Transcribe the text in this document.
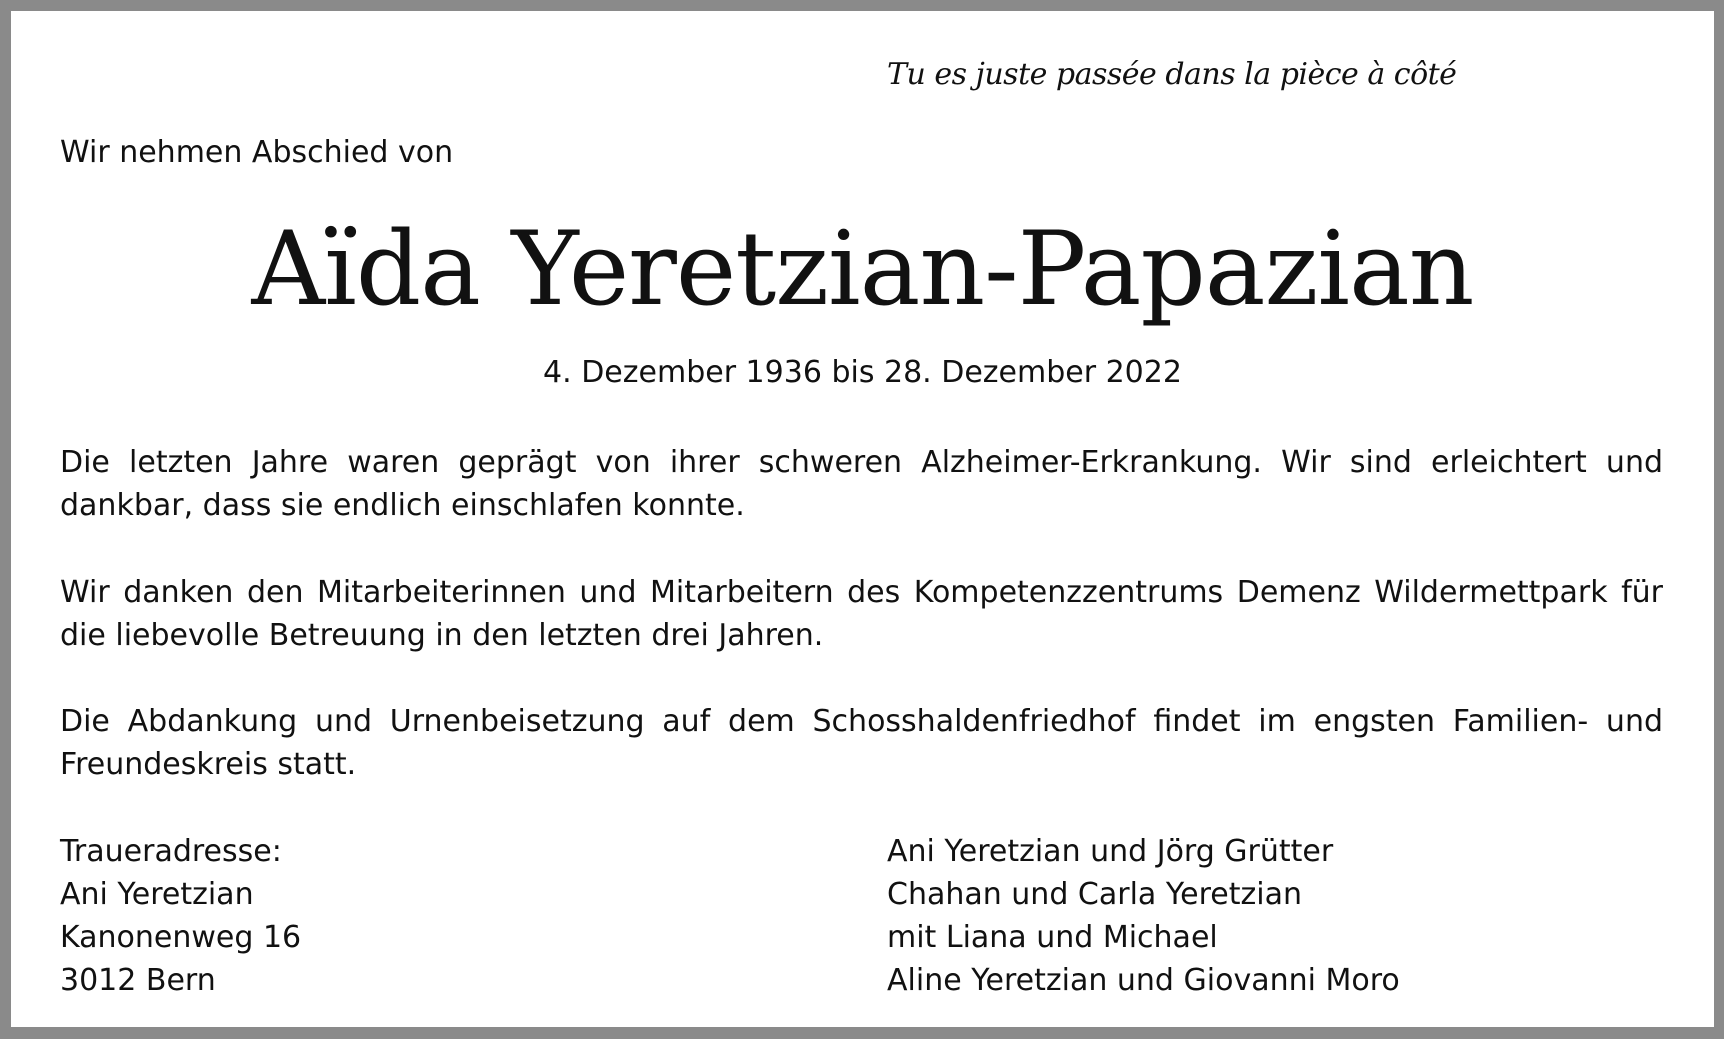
Tu es juste passée dans la pièce à côté
Wir nehmen Abschied von
Aïda Yeretzian-Papazian
4. Dezember 1936 bis 28. Dezember 2022
Die letzten Jahre waren geprägt von ihrer schweren Alzheimer-Erkrankung. Wir sind erleichtert und dankbar, dass sie endlich einschlafen konnte.
Wir danken den Mitarbeiterinnen und Mitarbeitern des Kompetenzzentrums Demenz Wildermettpark für die liebevolle Betreuung in den letzten drei Jahren.
Die Abdankung und Urnenbeisetzung auf dem Schosshaldenfriedhof findet im engsten Familien- und Freundeskreis statt.
Traueradresse:
Ani Yeretzian
Kanonenweg 16
3012 Bern
Ani Yeretzian und Jörg Grütter
Chahan und Carla Yeretzian
mit Liana und Michael
Aline Yeretzian und Giovanni Moro
